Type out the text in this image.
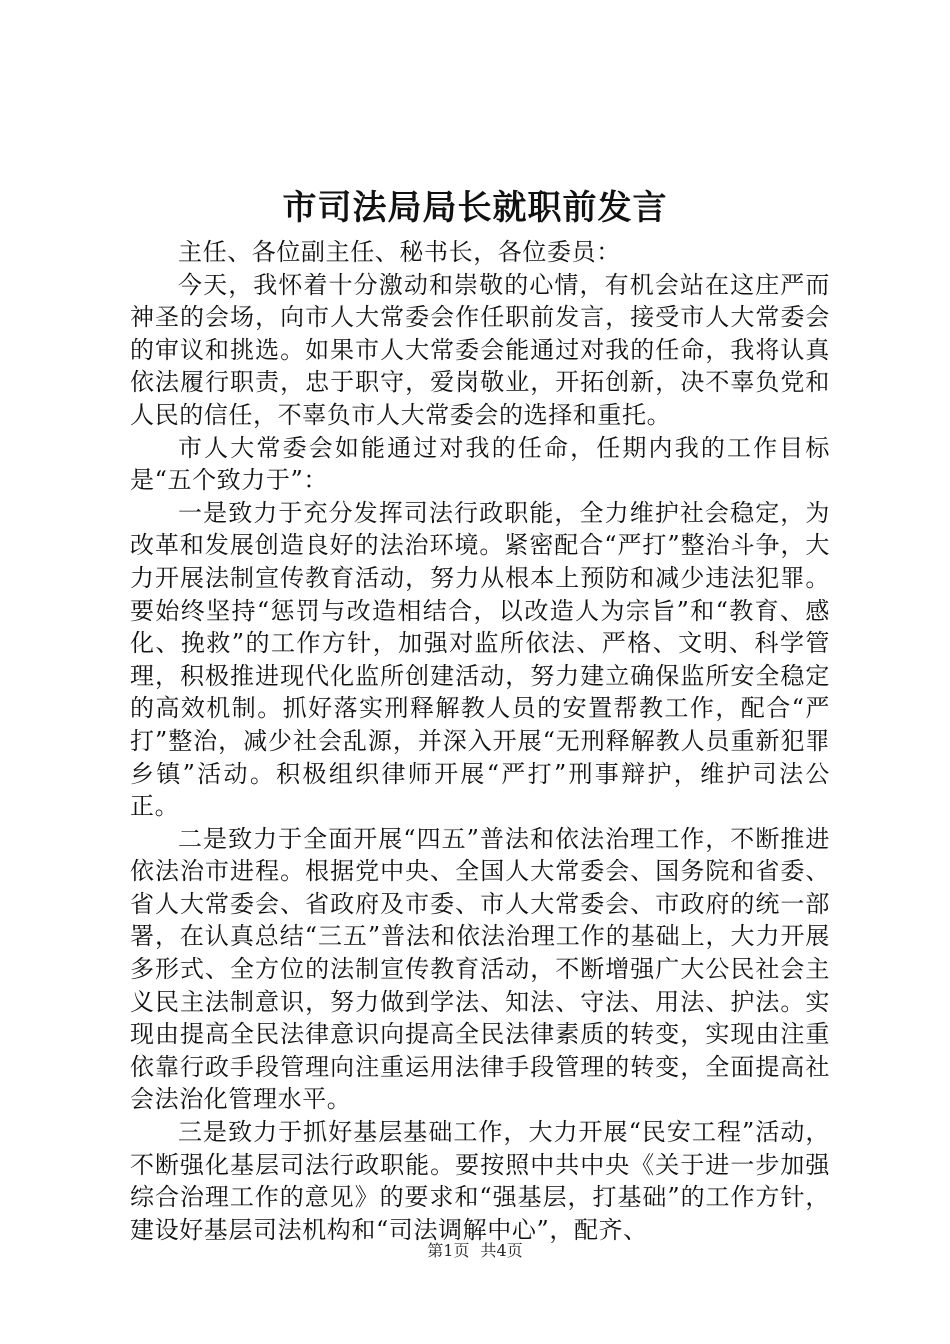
市司法局局长就职前发言

主任、各位副主任、秘书长，各位委员：

今天，我怀着十分激动和崇敬的心情，有机会站在这庄严而神圣的会场，向市人大常委会作任职前发言，接受市人大常委会的审议和挑选。如果市人大常委会能通过对我的任命，我将认真依法履行职责，忠于职守，爱岗敬业，开拓创新，决不辜负党和人民的信任，不辜负市人大常委会的选择和重托。

市人大常委会如能通过对我的任命，任期内我的工作目标是“五个致力于”：

一是致力于充分发挥司法行政职能，全力维护社会稳定，为改革和发展创造良好的法治环境。紧密配合“严打”整治斗争，大力开展法制宣传教育活动，努力从根本上预防和减少违法犯罪。要始终坚持“惩罚与改造相结合，以改造人为宗旨”和“教育、感化、挽救”的工作方针，加强对监所依法、严格、文明、科学管理，积极推进现代化监所创建活动，努力建立确保监所安全稳定的高效机制。抓好落实刑释解教人员的安置帮教工作，配合“严打”整治，减少社会乱源，并深入开展“无刑释解教人员重新犯罪乡镇”活动。积极组织律师开展“严打”刑事辩护，维护司法公正。

二是致力于全面开展“四五”普法和依法治理工作，不断推进依法治市进程。根据党中央、全国人大常委会、国务院和省委、省人大常委会、省政府及市委、市人大常委会、市政府的统一部署，在认真总结“三五”普法和依法治理工作的基础上，大力开展多形式、全方位的法制宣传教育活动，不断增强广大公民社会主义民主法制意识，努力做到学法、知法、守法、用法、护法。实现由提高全民法律意识向提高全民法律素质的转变，实现由注重依靠行政手段管理向注重运用法律手段管理的转变，全面提高社会法治化管理水平。

三是致力于抓好基层基础工作，大力开展“民安工程”活动，不断强化基层司法行政职能。要按照中共中央《关于进一步加强综合治理工作的意见》的要求和“强基层，打基础”的工作方针，建设好基层司法机构和“司法调解中心”，配齐、

第1页 共4页
